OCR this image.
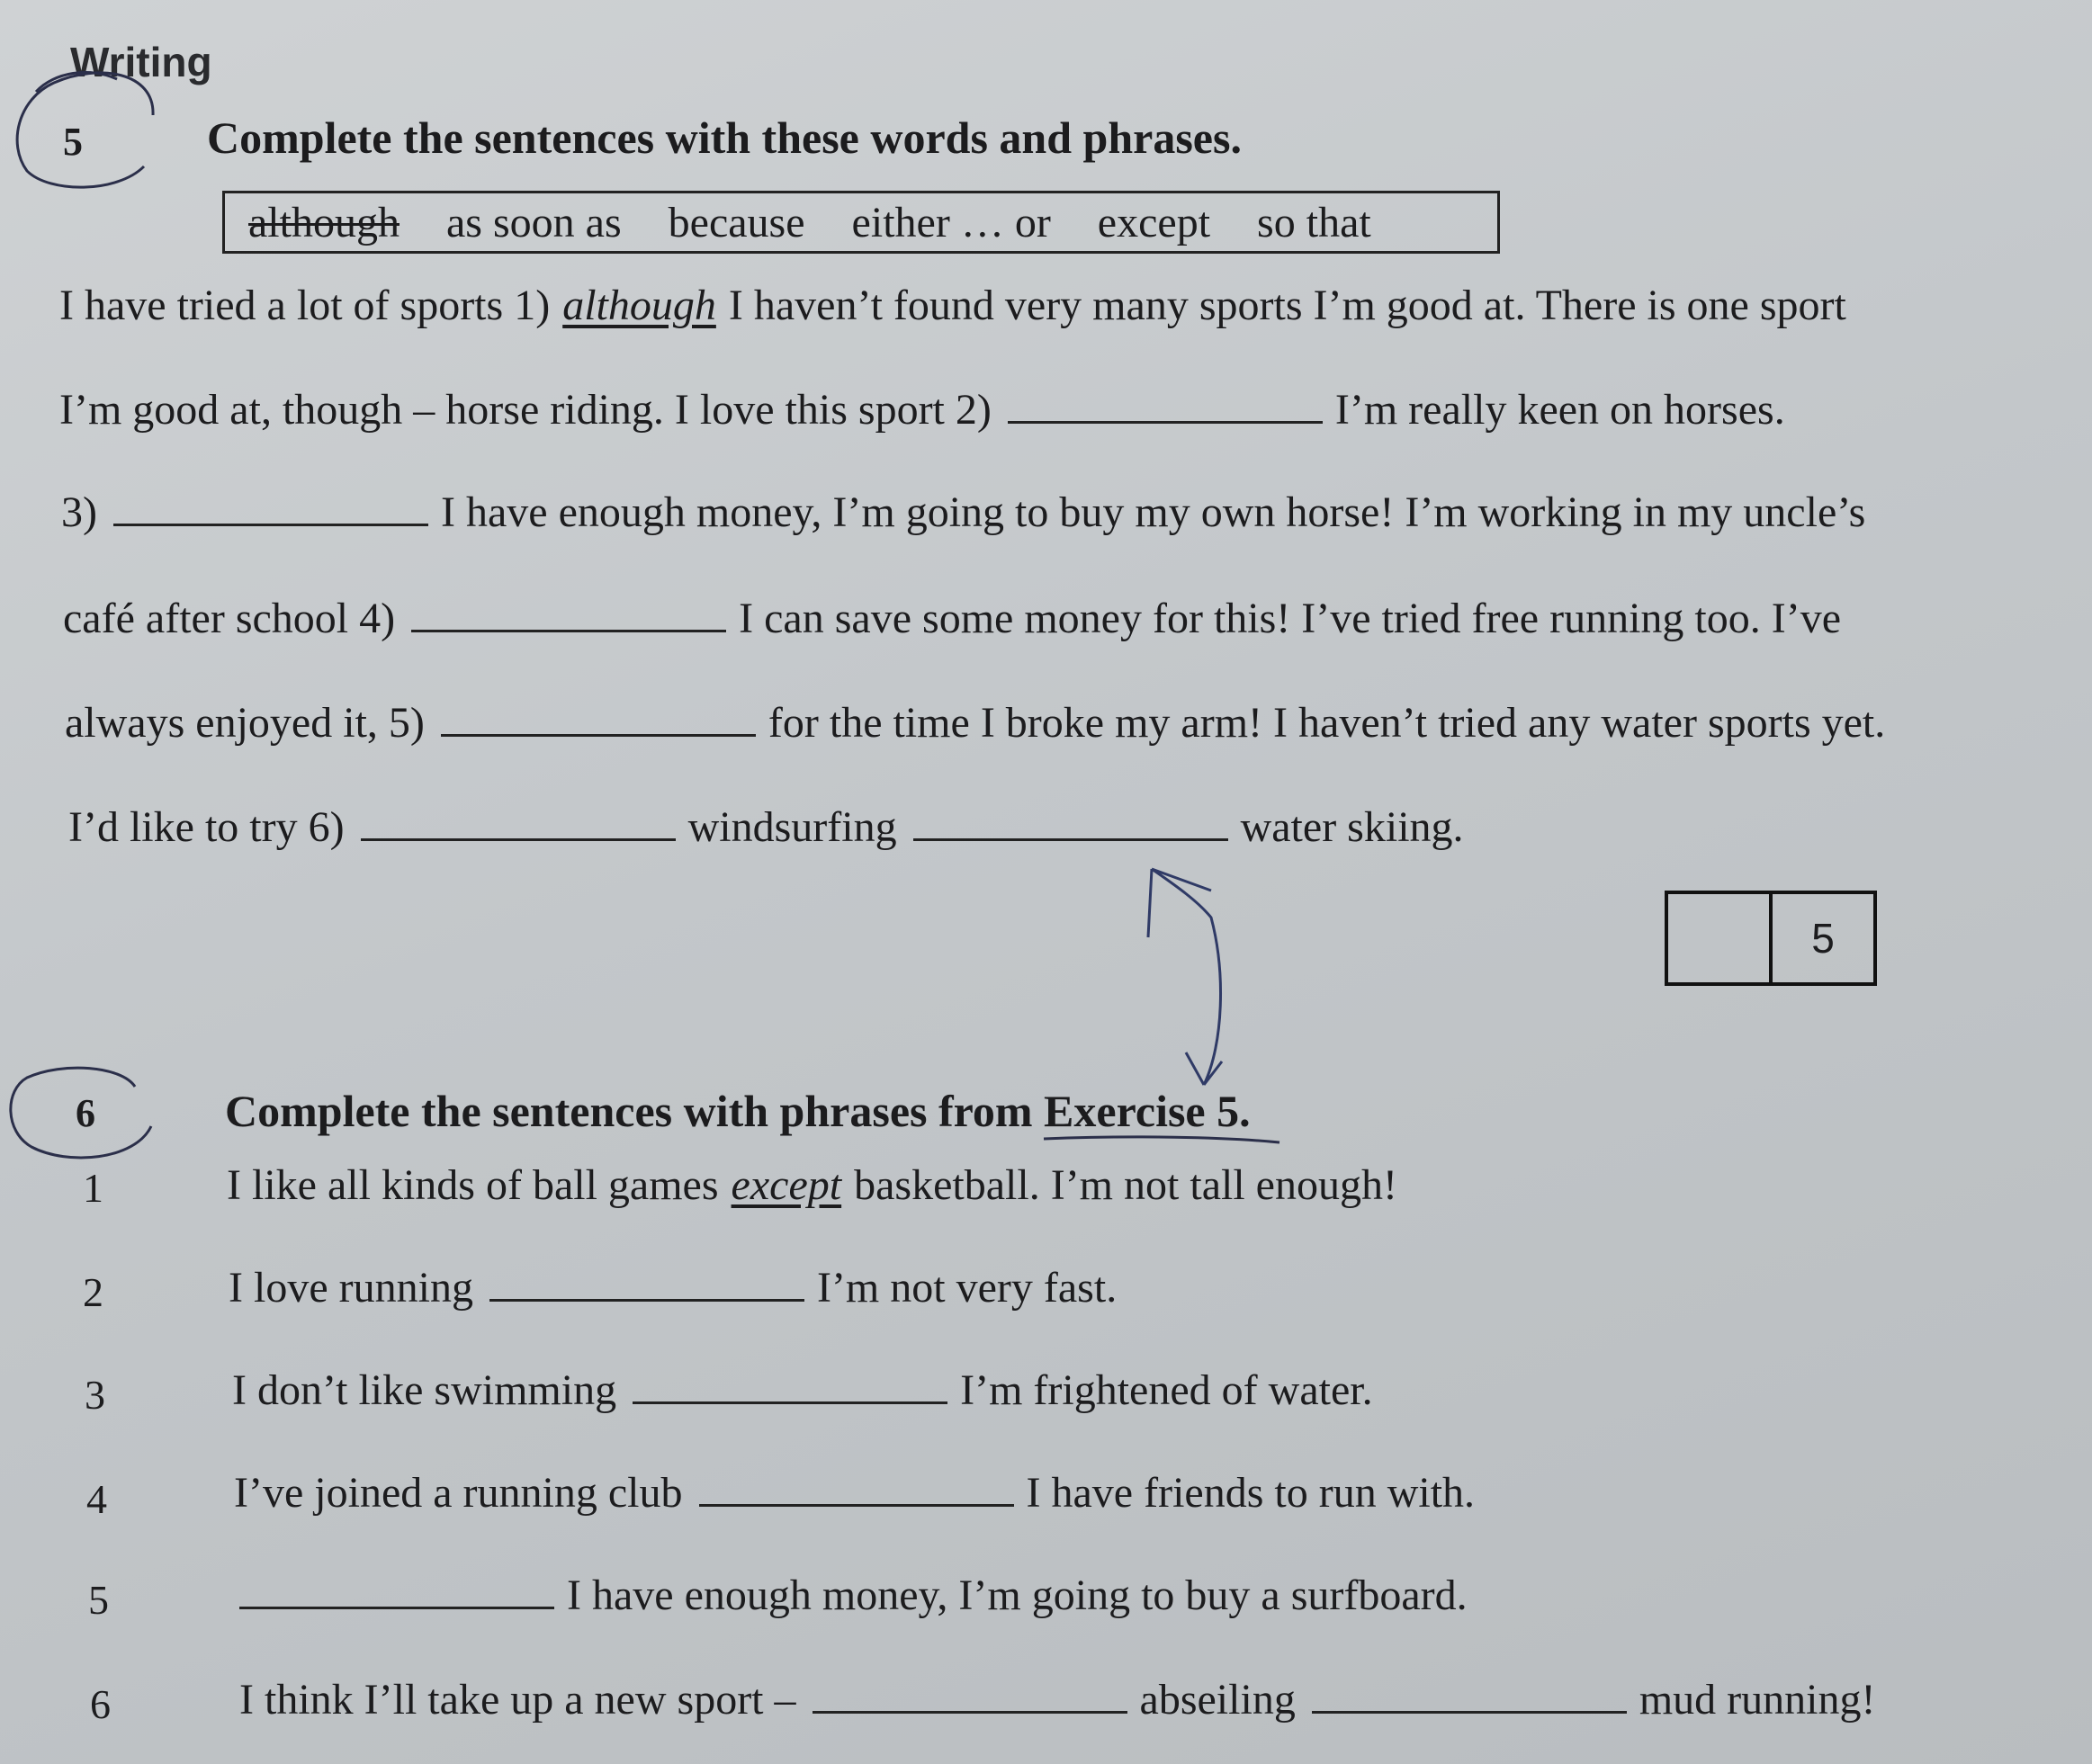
Writing
5	Complete the sentences with these words and phrases.
although as soon as because either … or except so that
I have tried a lot of sports 1) although I haven’t found very many sports I’m good at. There is one sport
I’m good at, though – horse riding. I love this sport 2)	I’m really keen on horses.
3)	I have enough money, I’m going to buy my own horse! I’m working in my uncle’s
café after school 4)	I can save some money for this! I’ve tried free running too. I’ve
always enjoyed it, 5)	for the time I broke my arm! I haven’t tried any water sports yet.
I’d like to try 6)	windsurfing	water skiing.
5
6	Complete the sentences with phrases from Exercise 5.
1	I like all kinds of ball games except basketball. I’m not tall enough!
2	I love running	I’m not very fast.
3	I don’t like swimming	I’m frightened of water.
4	I’ve joined a running club	I have friends to run with.
5	I have enough money, I’m going to buy a surfboard.
6	I think I’ll take up a new sport –	abseiling	mud running!
